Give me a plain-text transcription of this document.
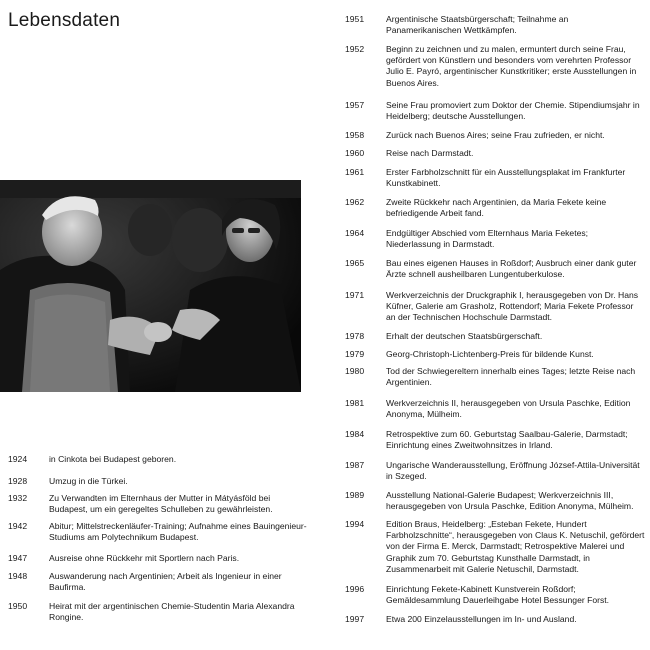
Lebensdaten
1924	in Cinkota bei Budapest geboren.
1928	Umzug in die Türkei.
1932	Zu Verwandten im Elternhaus der Mutter in Mátyásföld bei Budapest, um ein geregeltes Schulleben zu gewährleisten.
1942	Abitur; Mittelstreckenläufer-Training; Aufnahme eines Bauingenieur-Studiums am Polytechnikum Budapest.
1947	Ausreise ohne Rückkehr mit Sportlern nach Paris.
1948	Auswanderung nach Argentinien; Arbeit als Ingenieur in einer Baufirma.
1950	Heirat mit der argentinischen Chemie-Studentin Maria Alexandra Rongine.
1951	Argentinische Staatsbürgerschaft; Teilnahme an Panamerikanischen Wettkämpfen.
1952	Beginn zu zeichnen und zu malen, ermuntert durch seine Frau, gefördert von Künstlern und besonders vom verehrten Professor Julio E. Payró, argentinischer Kunstkritiker; erste Ausstellungen in Buenos Aires.
1957	Seine Frau promoviert zum Doktor der Chemie. Stipendiumsjahr in Heidelberg; deutsche Ausstellungen.
1958	Zurück nach Buenos Aires; seine Frau zufrieden, er nicht.
1960	Reise nach Darmstadt.
1961	Erster Farbholzschnitt für ein Ausstellungsplakat im Frankfurter Kunstkabinett.
1962	Zweite Rückkehr nach Argentinien, da Maria Fekete keine befriedigende Arbeit fand.
1964	Endgültiger Abschied vom Elternhaus Maria Feketes; Niederlassung in Darmstadt.
1965	Bau eines eigenen Hauses in Roßdorf; Ausbruch einer dank guter Ärzte schnell ausheilbaren Lungentuberkulose.
1971	Werkverzeichnis der Druckgraphik I, herausgegeben von Dr. Hans Küfner, Galerie am Grasholz, Rottendorf; Maria Fekete Professor an der Technischen Hochschule Darmstadt.
1978	Erhalt der deutschen Staatsbürgerschaft.
1979	Georg-Christoph-Lichtenberg-Preis für bildende Kunst.
1980	Tod der Schwiegereltern innerhalb eines Tages; letzte Reise nach Argentinien.
1981	Werkverzeichnis II, herausgegeben von Ursula Paschke, Edition Anonyma, Mülheim.
1984	Retrospektive zum 60. Geburtstag Saalbau-Galerie, Darmstadt; Einrichtung eines Zweitwohnsitzes in Irland.
1987	Ungarische Wanderausstellung, Eröffnung József-Attila-Universität in Szeged.
1989	Ausstellung National-Galerie Budapest; Werkverzeichnis III, herausgegeben von Ursula Paschke, Edition Anonyma, Mülheim.
1994	Edition Braus, Heidelberg: „Esteban Fekete, Hundert Farbholzschnitte“, herausgegeben von Claus K. Netuschil, gefördert von der Firma E. Merck, Darmstadt; Retrospektive Malerei und Graphik zum 70. Geburtstag Kunsthalle Darmstadt, in Zusammenarbeit mit Galerie Netuschil, Darmstadt.
1996	Einrichtung Fekete-Kabinett Kunstverein Roßdorf; Gemäldesammlung Dauerleihgabe Hotel Bessunger Forst.
1997	Etwa 200 Einzelausstellungen im In- und Ausland.
